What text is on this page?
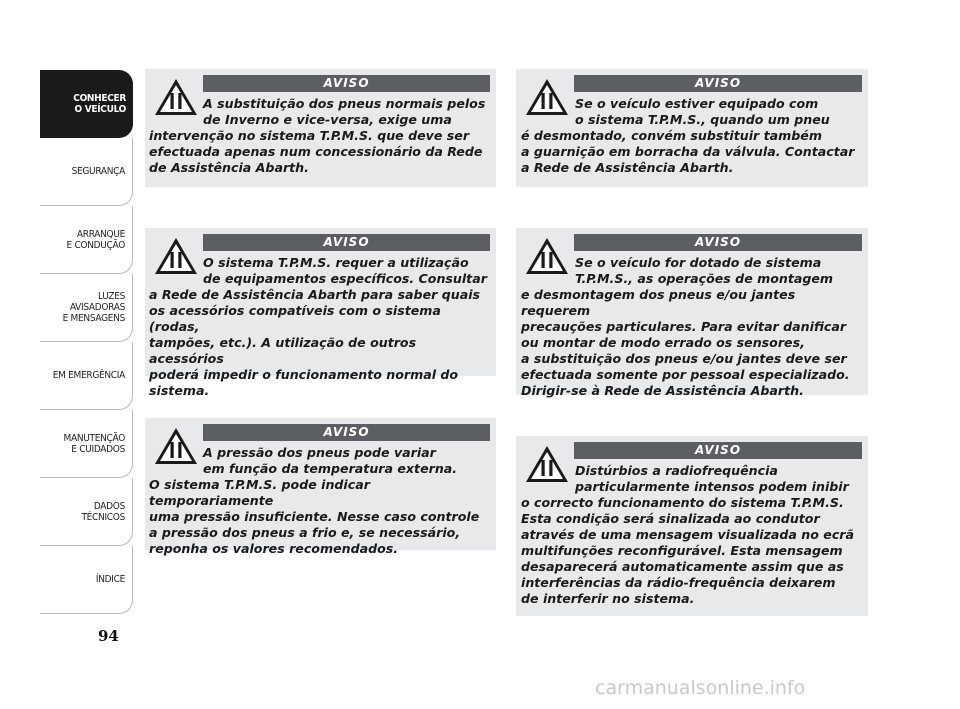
CONHECER
O VEÍCULO
SEGURANÇA
ARRANQUE
E CONDUÇÃO
LUZES
AVISADORAS
E MENSAGENS
EM EMERGÊNCIA
MANUTENÇÃO
E CUIDADOS
DADOS
TÉCNICOS
ÍNDICE
94
AVISO
A substituição dos pneus normais pelos
de Inverno e vice-versa, exige uma
intervenção no sistema T.P.M.S. que deve ser
efectuada apenas num concessionário da Rede
de Assistência Abarth.
AVISO
O sistema T.P.M.S. requer a utilização
de equipamentos específicos. Consultar
a Rede de Assistência Abarth para saber quais
os acessórios compatíveis com o sistema (rodas,
tampões, etc.). A utilização de outros acessórios
poderá impedir o funcionamento normal do
sistema.
AVISO
A pressão dos pneus pode variar
em função da temperatura externa.
O sistema T.P.M.S. pode indicar temporariamente
uma pressão insuficiente. Nesse caso controle
a pressão dos pneus a frio e, se necessário,
reponha os valores recomendados.
AVISO
Se o veículo estiver equipado com
o sistema T.P.M.S., quando um pneu
é desmontado, convém substituir também
a guarnição em borracha da válvula. Contactar
a Rede de Assistência Abarth.
AVISO
Se o veículo for dotado de sistema
T.P.M.S., as operações de montagem
e desmontagem dos pneus e/ou jantes requerem
precauções particulares. Para evitar danificar
ou montar de modo errado os sensores,
a substituição dos pneus e/ou jantes deve ser
efectuada somente por pessoal especializado.
Dirigir-se à Rede de Assistência Abarth.
AVISO
Distúrbios a radiofrequência
particularmente intensos podem inibir
o correcto funcionamento do sistema T.P.M.S.
Esta condição será sinalizada ao condutor
através de uma mensagem visualizada no ecrã
multifunções reconfigurável. Esta mensagem
desaparecerá automaticamente assim que as
interferências da rádio-frequência deixarem
de interferir no sistema.
carmanualsonline.info
